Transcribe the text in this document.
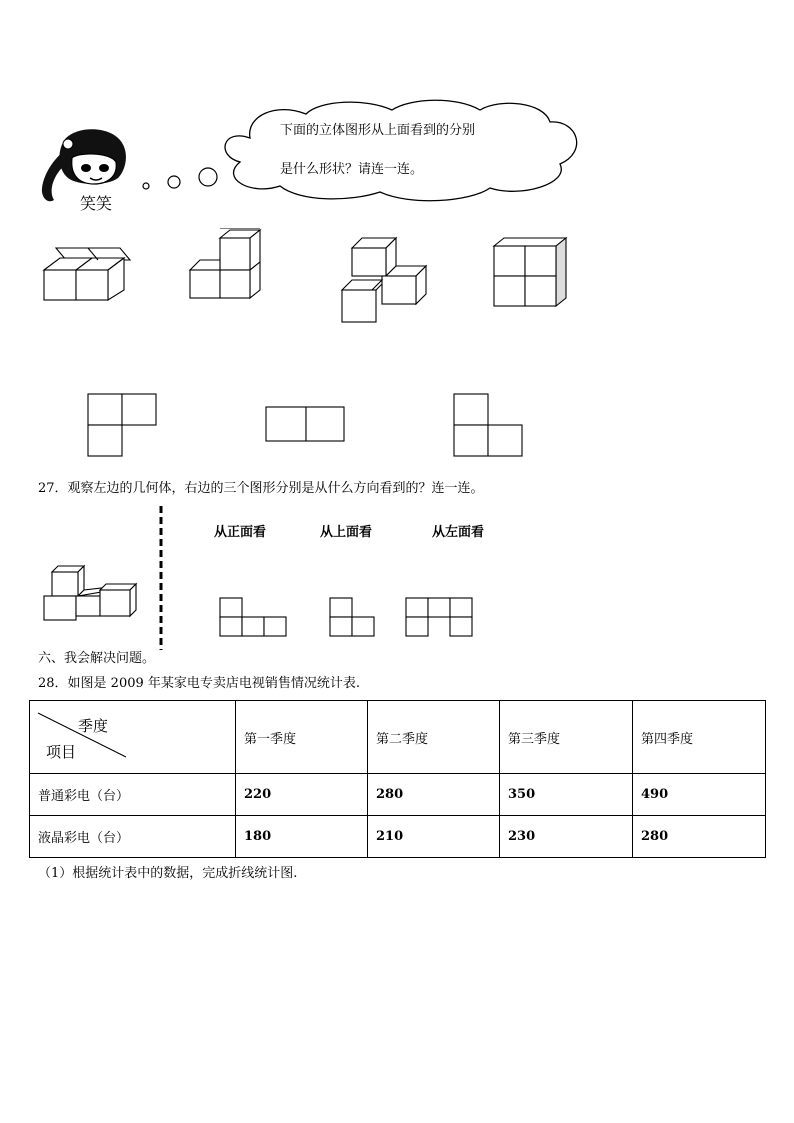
笑笑
下面的立体图形从上面看到的分别
是什么形状？请连一连。
27．观察左边的几何体，右边的三个图形分别是从什么方向看到的？连一连。
从正面看	从上面看	从左面看
六、我会解决问题。
28．如图是 2009 年某家电专卖店电视销售情况统计表.
季度
项目	第一季度	第二季度	第三季度	第四季度
普通彩电（台）	220	280	350	490
液晶彩电（台）	180	210	230	280
（1）根据统计表中的数据，完成折线统计图.
